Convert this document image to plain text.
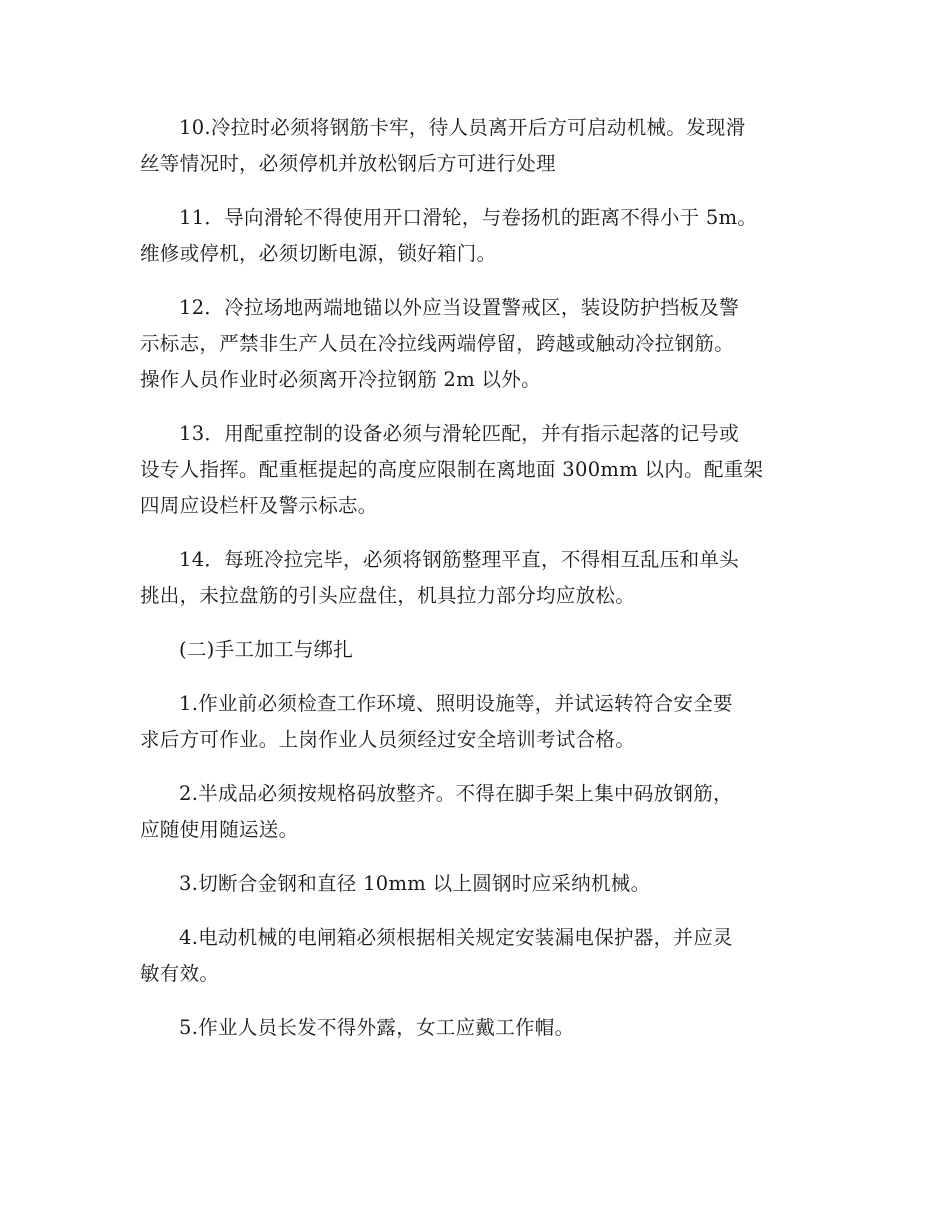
10.冷拉时必须将钢筋卡牢，待人员离开后方可启动机械。发现滑
丝等情况时，必须停机并放松钢后方可进行处理

11．导向滑轮不得使用开口滑轮，与卷扬机的距离不得小于 5m。
维修或停机，必须切断电源，锁好箱门。

12．冷拉场地两端地锚以外应当设置警戒区，装设防护挡板及警
示标志，严禁非生产人员在冷拉线两端停留，跨越或触动冷拉钢筋。
操作人员作业时必须离开冷拉钢筋 2m 以外。

13．用配重控制的设备必须与滑轮匹配，并有指示起落的记号或
设专人指挥。配重框提起的高度应限制在离地面 300mm 以内。配重架
四周应设栏杆及警示标志。

14．每班冷拉完毕，必须将钢筋整理平直，不得相互乱压和单头
挑出，未拉盘筋的引头应盘住，机具拉力部分均应放松。

(二)手工加工与绑扎

1.作业前必须检查工作环境、照明设施等，并试运转符合安全要
求后方可作业。上岗作业人员须经过安全培训考试合格。

2.半成品必须按规格码放整齐。不得在脚手架上集中码放钢筋，
应随使用随运送。

3.切断合金钢和直径 10mm 以上圆钢时应采纳机械。

4.电动机械的电闸箱必须根据相关规定安装漏电保护器，并应灵
敏有效。

5.作业人员长发不得外露，女工应戴工作帽。
